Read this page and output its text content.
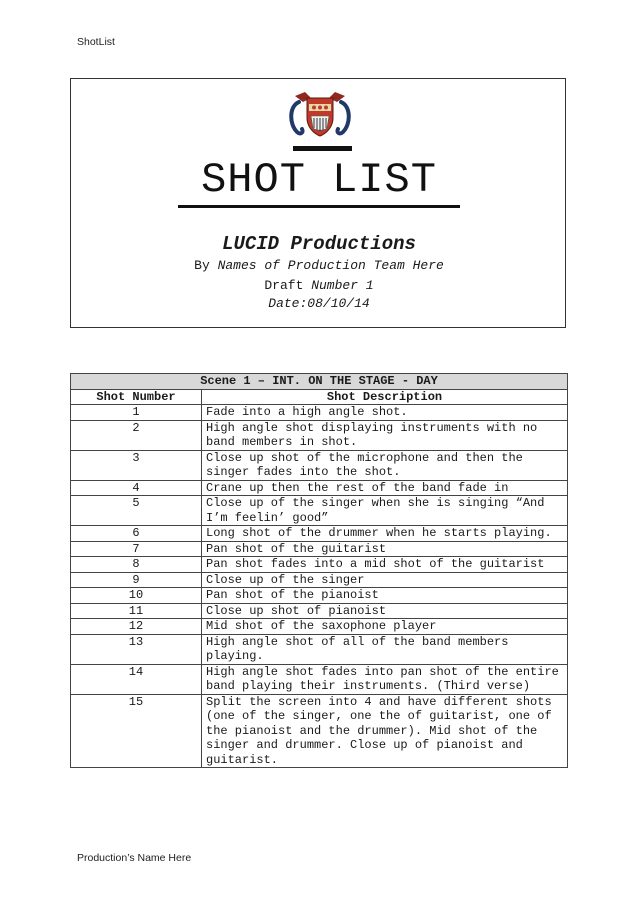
ShotList
SHOT LIST
LUCID Productions
By Names of Production Team Here
Draft Number 1
Date:08/10/14
Scene 1 – INT. ON THE STAGE - DAY	
Shot Number	Shot Description
1	Fade into a high angle shot.
2	High angle shot displaying instruments with no band members in shot.
3	Close up shot of the microphone and then the singer fades into the shot.
4	Crane up then the rest of the band fade in
5	Close up of the singer when she is singing “And I’m feelin’ good”
6	Long shot of the drummer when he starts playing.
7	Pan shot of the guitarist
8	Pan shot fades into a mid shot of the guitarist
9	Close up of the singer
10	Pan shot of the pianoist
11	Close up shot of pianoist
12	Mid shot of the saxophone player
13	High angle shot of all of the band members playing.
14	High angle shot fades into pan shot of the entire band playing their instruments. (Third verse)
15	Split the screen into 4 and have different shots (one of the singer, one the of guitarist, one of the pianoist and the drummer). Mid shot of the singer and drummer. Close up of pianoist and guitarist.
Production’s Name Here
